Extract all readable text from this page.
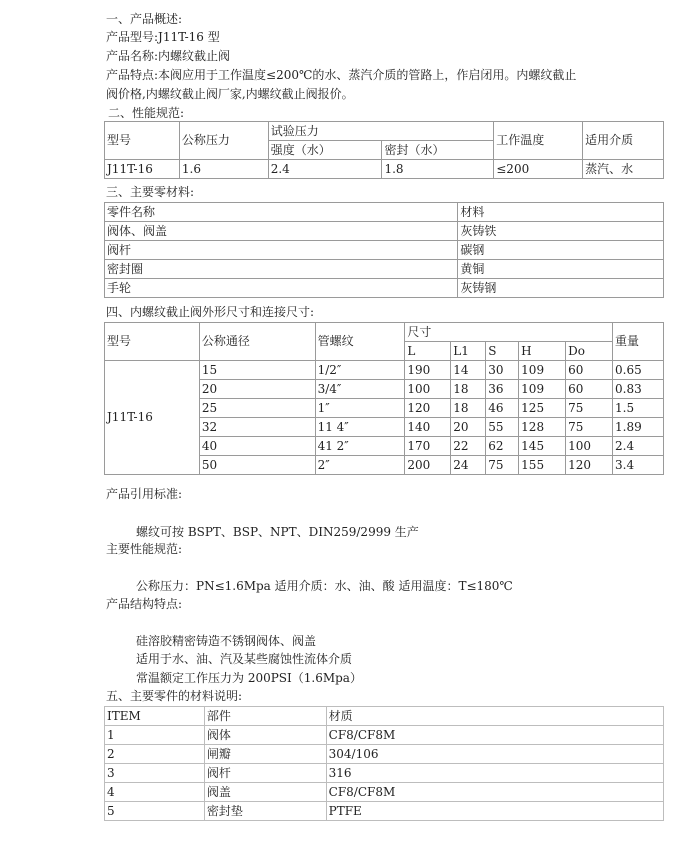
一、产品概述:
产品型号:J11T-16 型
产品名称:内螺纹截止阀
产品特点:本阀应用于工作温度≤200℃的水、蒸汽介质的管路上，作启闭用。内螺纹截止
阀价格,内螺纹截止阀厂家,内螺纹截止阀报价。
二、性能规范:
型号	公称压力	试验压力		工作温度	适用介质
		强度（水）	密封（水）		
J11T-16	1.6	2.4	1.8	≤200	蒸汽、水
三、主要零材料:
零件名称	材料
阀体、阀盖	灰铸铁
阀杆	碳钢
密封圈	黄铜
手轮	灰铸钢
四、内螺纹截止阀外形尺寸和连接尺寸:
型号	公称通径	管螺纹	尺寸					重量
			L	L1	S	H	Do	
J11T-16	15	1/2″	190	14	30	109	60	0.65
	20	3/4″	100	18	36	109	60	0.83
	25	1″	120	18	46	125	75	1.5
	32	11 4″	140	20	55	128	75	1.89
	40	41 2″	170	22	62	145	100	2.4
	50	2″	200	24	75	155	120	3.4
产品引用标准:
螺纹可按 BSPT、BSP、NPT、DIN259/2999 生产
主要性能规范:
公称压力：PN≤1.6Mpa 适用介质：水、油、酸 适用温度：T≤180℃
产品结构特点:
硅溶胶精密铸造不锈钢阀体、阀盖
适用于水、油、汽及某些腐蚀性流体介质
常温额定工作压力为 200PSI（1.6Mpa）
五、主要零件的材料说明:
ITEM	部件	材质
1	阀体	CF8/CF8M
2	闸瓣	304/106
3	阀杆	316
4	阀盖	CF8/CF8M
5	密封垫	PTFE
